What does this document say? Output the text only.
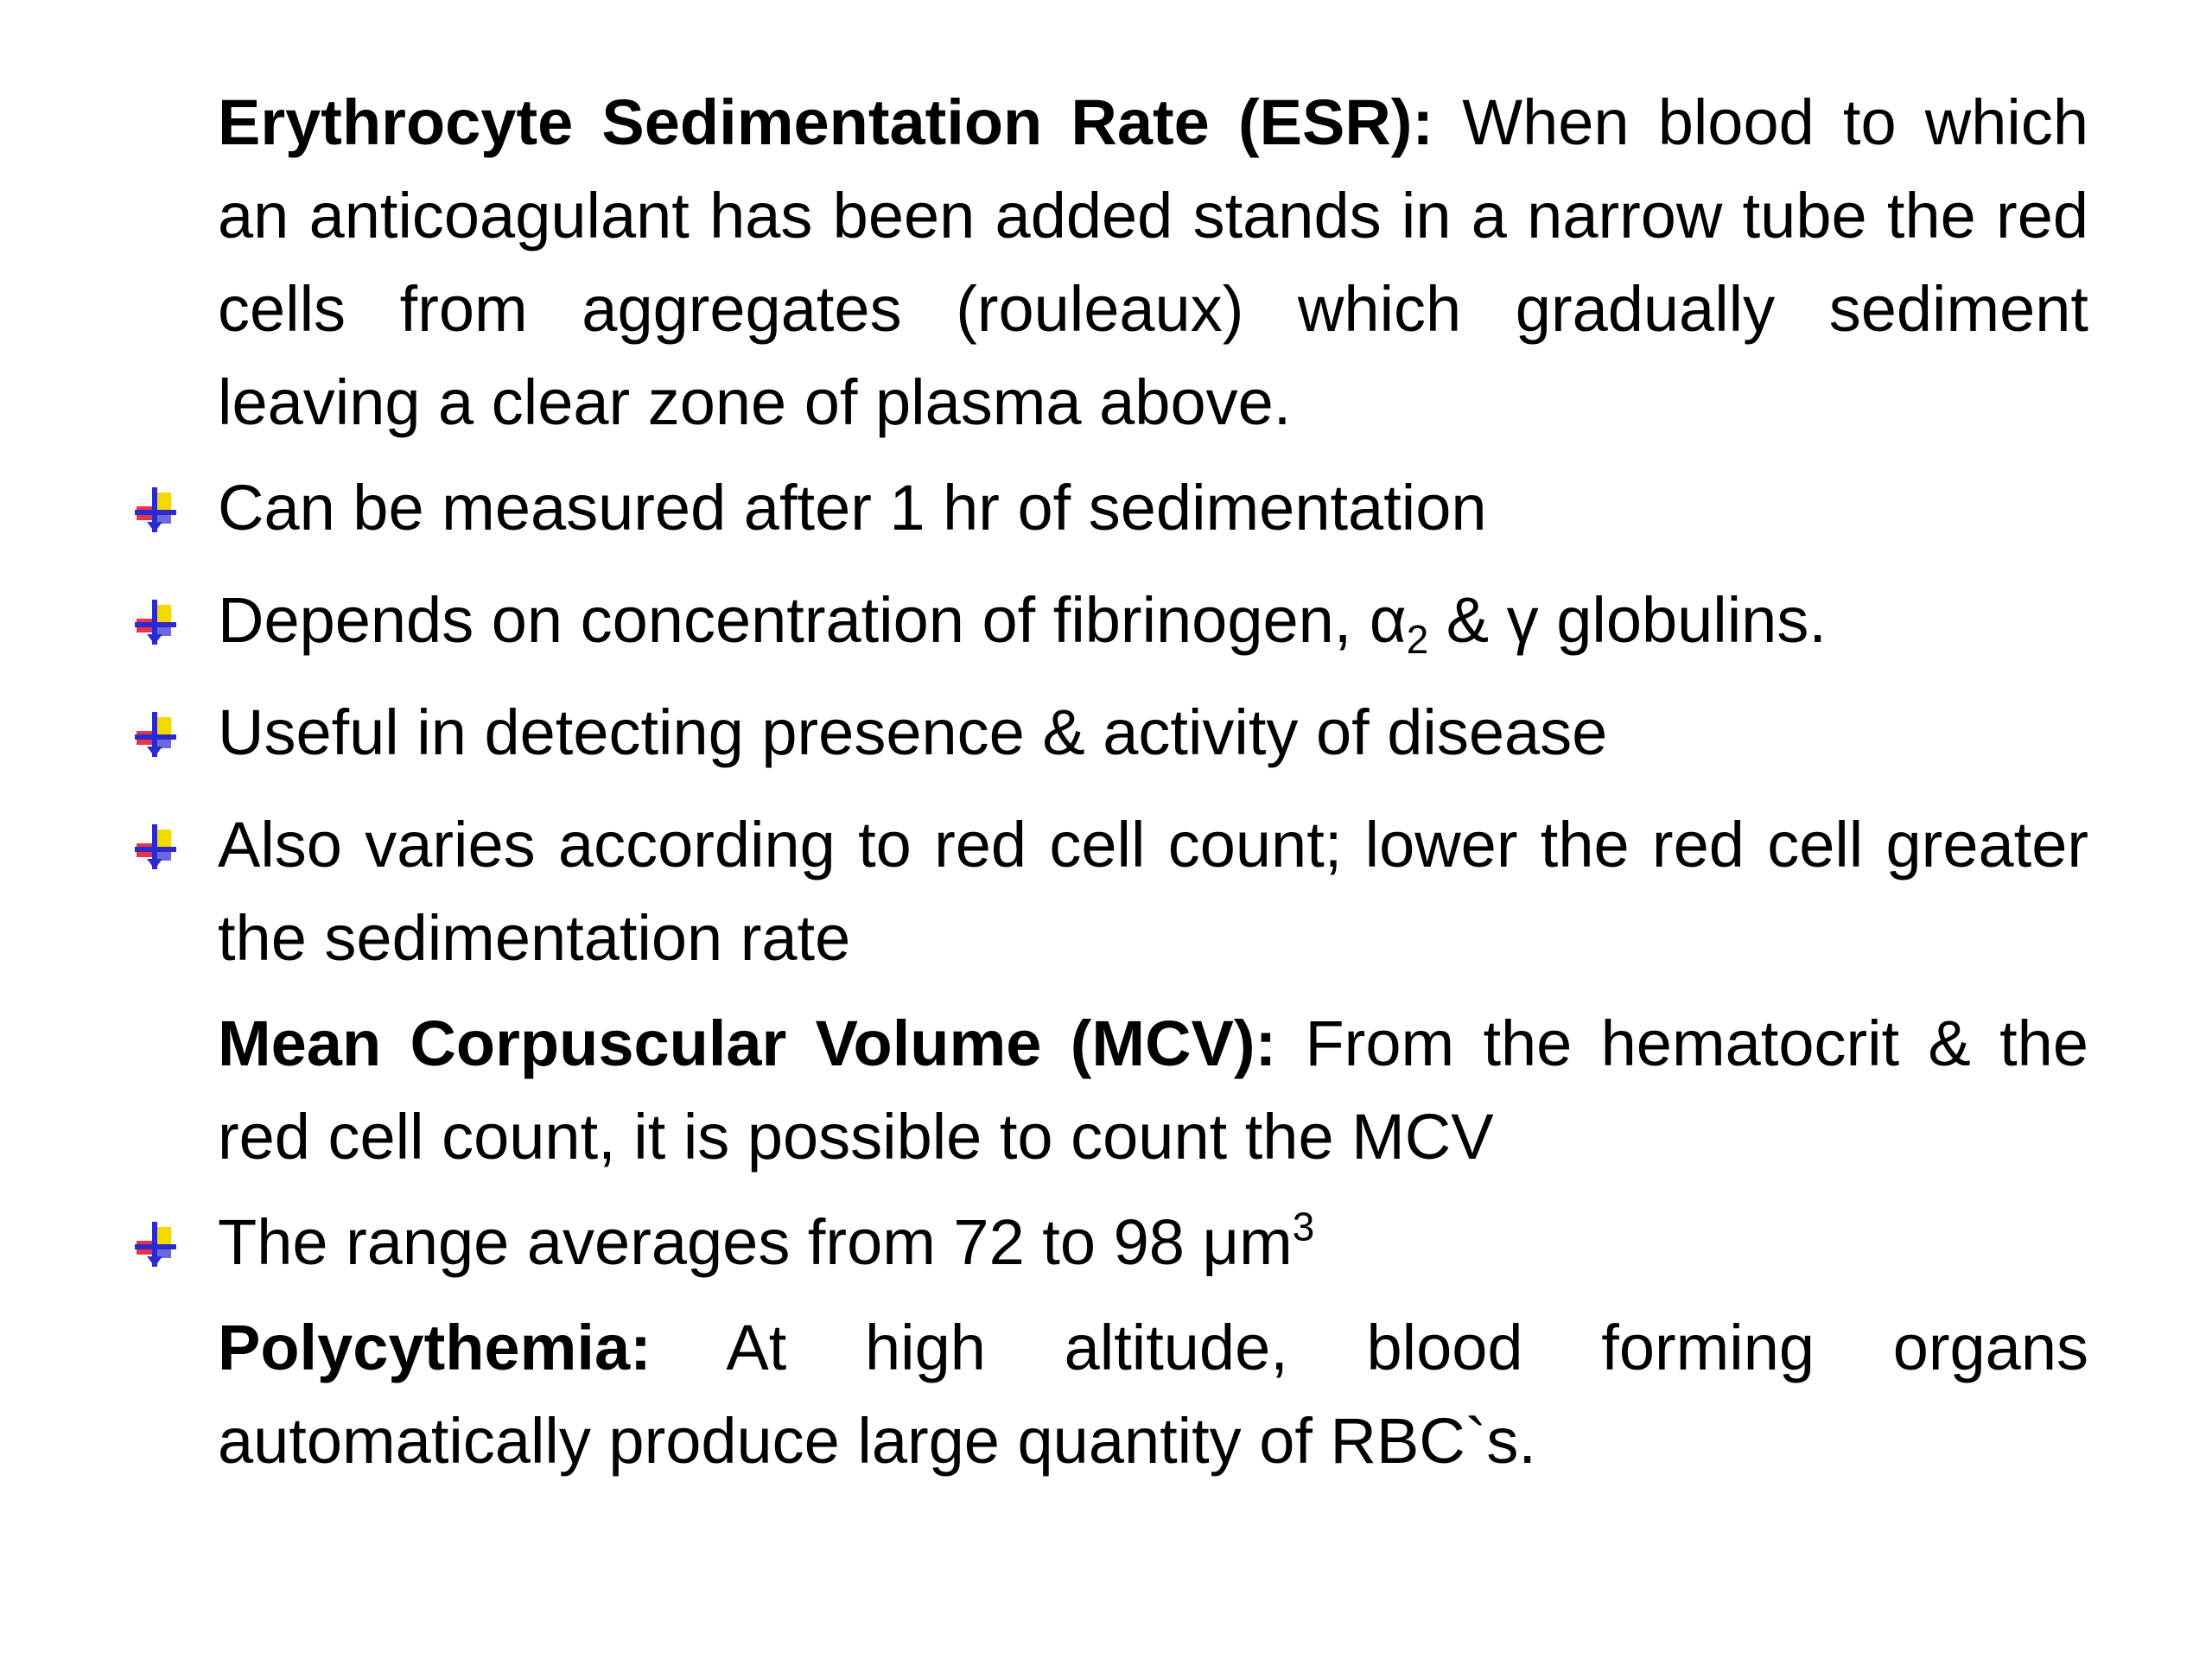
Erythrocyte Sedimentation Rate (ESR): When blood to which an anticoagulant has been added stands in a narrow tube the red cells from aggregates (rouleaux) which gradually sediment leaving a clear zone of plasma above.

Can be measured after 1 hr of sedimentation
Depends on concentration of fibrinogen, $\alpha_2$ & γ globulins.
Useful in detecting presence & activity of disease
Also varies according to red cell count; lower the red cell greater the sedimentation rate

Mean Corpuscular Volume (MCV): From the hematocrit & the red cell count, it is possible to count the MCV

The range averages from 72 to 98 $\mu m^3$

Polycythemia: At high altitude, blood forming organs automatically produce large quantity of RBC`s.
